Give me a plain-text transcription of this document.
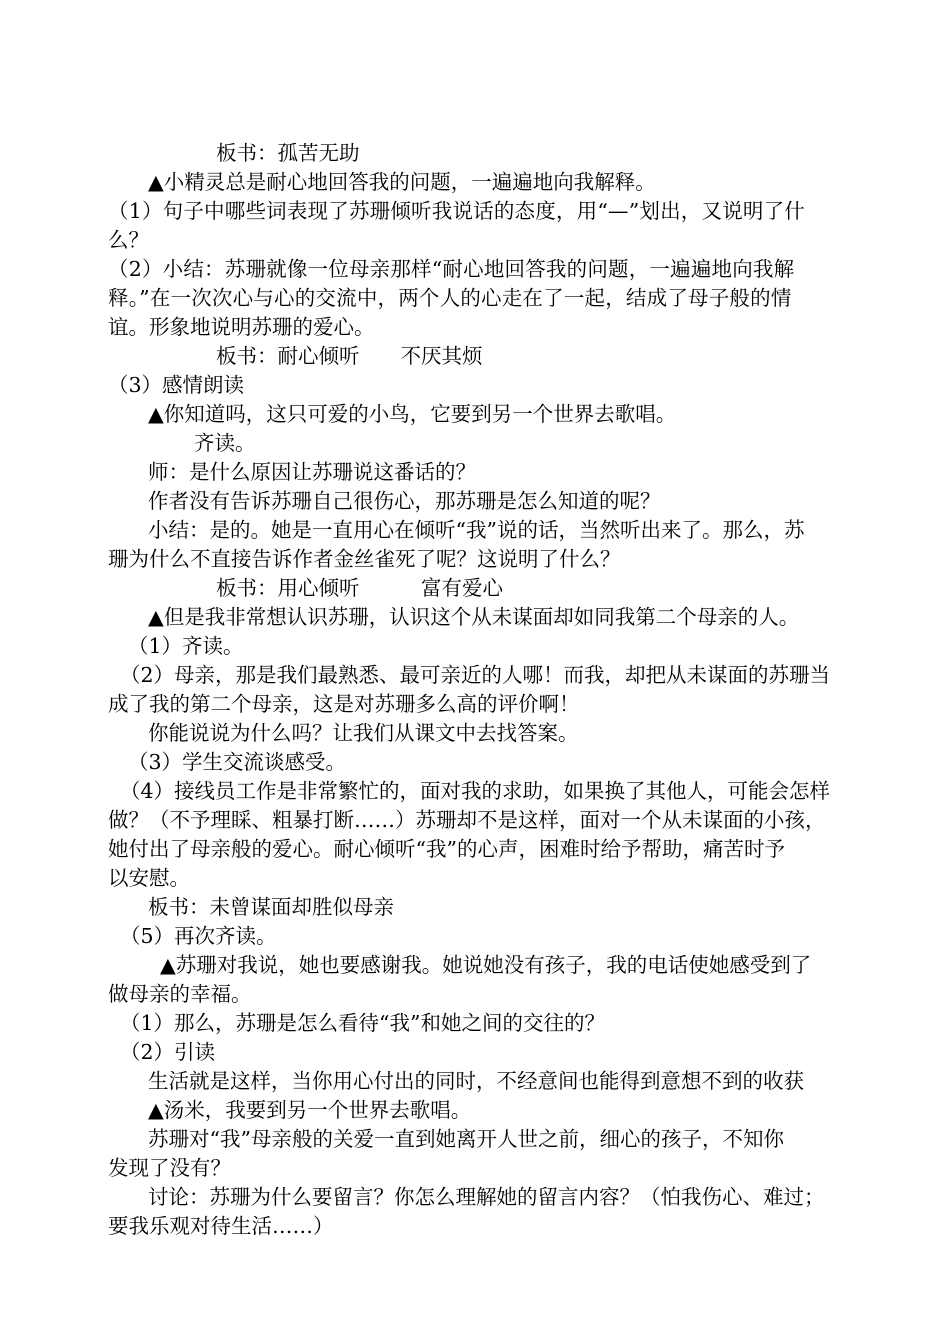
板书：孤苦无助
▲小精灵总是耐心地回答我的问题，一遍遍地向我解释。
（1）句子中哪些词表现了苏珊倾听我说话的态度，用“—”划出，又说明了什
么？
（2）小结：苏珊就像一位母亲那样“耐心地回答我的问题，一遍遍地向我解
释。”在一次次心与心的交流中，两个人的心走在了一起，结成了母子般的情
谊。形象地说明苏珊的爱心。
板书：耐心倾听　　不厌其烦
（3）感情朗读
▲你知道吗，这只可爱的小鸟，它要到另一个世界去歌唱。
齐读。
师：是什么原因让苏珊说这番话的？
作者没有告诉苏珊自己很伤心，那苏珊是怎么知道的呢？
小结：是的。她是一直用心在倾听“我”说的话，当然听出来了。那么，苏
珊为什么不直接告诉作者金丝雀死了呢？这说明了什么？
板书：用心倾听　　　富有爱心
▲但是我非常想认识苏珊，认识这个从未谋面却如同我第二个母亲的人。
（1）齐读。
（2）母亲，那是我们最熟悉、最可亲近的人哪！而我，却把从未谋面的苏珊当
成了我的第二个母亲，这是对苏珊多么高的评价啊！
你能说说为什么吗？让我们从课文中去找答案。
（3）学生交流谈感受。
（4）接线员工作是非常繁忙的，面对我的求助，如果换了其他人，可能会怎样
做？（不予理睬、粗暴打断……）苏珊却不是这样，面对一个从未谋面的小孩，
她付出了母亲般的爱心。耐心倾听“我”的心声，困难时给予帮助，痛苦时予
以安慰。
板书：未曾谋面却胜似母亲
（5）再次齐读。
▲苏珊对我说，她也要感谢我。她说她没有孩子，我的电话使她感受到了
做母亲的幸福。
（1）那么，苏珊是怎么看待“我”和她之间的交往的？
（2）引读
生活就是这样，当你用心付出的同时，不经意间也能得到意想不到的收获
▲汤米，我要到另一个世界去歌唱。
苏珊对“我”母亲般的关爱一直到她离开人世之前，细心的孩子，不知你
发现了没有？
讨论：苏珊为什么要留言？你怎么理解她的留言内容？（怕我伤心、难过；
要我乐观对待生活……）
